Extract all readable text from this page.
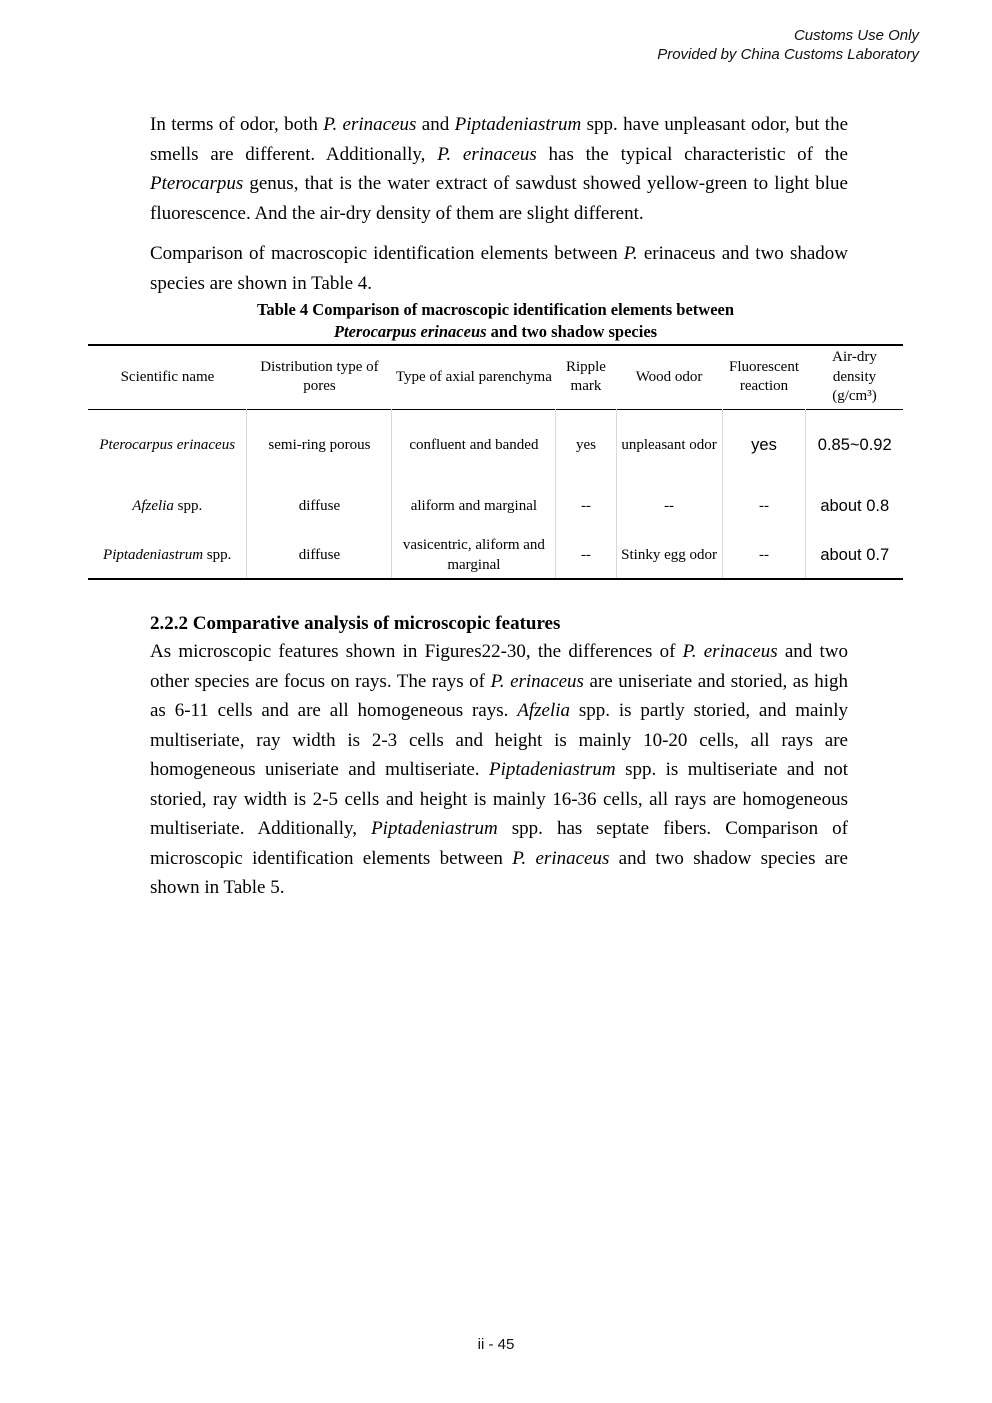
Customs Use Only
Provided by China Customs Laboratory
In terms of odor, both P. erinaceus and Piptadeniastrum spp. have unpleasant odor, but the smells are different. Additionally, P. erinaceus has the typical characteristic of the Pterocarpus genus, that is the water extract of sawdust showed yellow-green to light blue fluorescence. And the air-dry density of them are slight different.
Comparison of macroscopic identification elements between P. erinaceus and two shadow species are shown in Table 4.
Table 4 Comparison of macroscopic identification elements between
Pterocarpus erinaceus and two shadow species
Scientific name	Distribution type of pores	Type of axial parenchyma	Ripple mark	Wood odor	Fluorescent reaction	Air-dry density
(g/cm³)
Pterocarpus erinaceus	semi-ring porous	confluent and banded	yes	unpleasant odor	yes	0.85~0.92
Afzelia spp.	diffuse	aliform and marginal	--	--	--	about 0.8
Piptadeniastrum spp.	diffuse	vasicentric, aliform and marginal	--	Stinky egg odor	--	about 0.7
2.2.2 Comparative analysis of microscopic features
As microscopic features shown in Figures22-30, the differences of P. erinaceus and two other species are focus on rays. The rays of P. erinaceus are uniseriate and storied, as high as 6-11 cells and are all homogeneous rays. Afzelia spp. is partly storied, and mainly multiseriate, ray width is 2-3 cells and height is mainly 10-20 cells, all rays are homogeneous uniseriate and multiseriate. Piptadeniastrum spp. is multiseriate and not storied, ray width is 2-5 cells and height is mainly 16-36 cells, all rays are homogeneous multiseriate. Additionally, Piptadeniastrum spp. has septate fibers. Comparison of microscopic identification elements between P. erinaceus and two shadow species are shown in Table 5.
ii - 45
